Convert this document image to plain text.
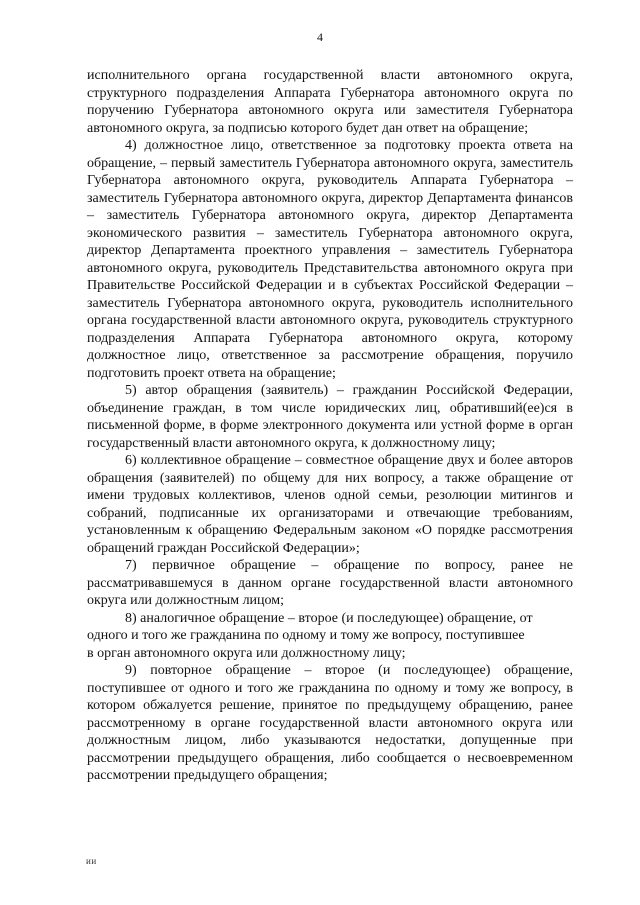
4

исполнительного органа государственной власти автономного округа, структурного подразделения Аппарата Губернатора автономного округа по поручению Губернатора автономного округа или заместителя Губернатора автономного округа, за подписью которого будет дан ответ на обращение;

4) должностное лицо, ответственное за подготовку проекта ответа на обращение, – первый заместитель Губернатора автономного округа, заместитель Губернатора автономного округа, руководитель Аппарата Губернатора – заместитель Губернатора автономного округа, директор Департамента финансов – заместитель Губернатора автономного округа, директор Департамента экономического развития – заместитель Губернатора автономного округа, директор Департамента проектного управления – заместитель Губернатора автономного округа, руководитель Представительства автономного округа при Правительстве Российской Федерации и в субъектах Российской Федерации – заместитель Губернатора автономного округа, руководитель исполнительного органа государственной власти автономного округа, руководитель структурного подразделения Аппарата Губернатора автономного округа, которому должностное лицо, ответственное за рассмотрение обращения, поручило подготовить проект ответа на обращение;

5) автор обращения (заявитель) – гражданин Российской Федерации, объединение граждан, в том числе юридических лиц, обративший(ее)ся в письменной форме, в форме электронного документа или устной форме в орган государственный власти автономного округа, к должностному лицу;

6) коллективное обращение – совместное обращение двух и более авторов обращения (заявителей) по общему для них вопросу, а также обращение от имени трудовых коллективов, членов одной семьи, резолюции митингов и собраний, подписанные их организаторами и отвечающие требованиям, установленным к обращению Федеральным законом «О порядке рассмотрения обращений граждан Российской Федерации»;

7) первичное обращение – обращение по вопросу, ранее не рассматривавшемуся в данном органе государственной власти автономного округа или должностным лицом;

8) аналогичное обращение – второе (и последующее) обращение, от одного и того же гражданина по одному и тому же вопросу, поступившее

в орган автономного округа или должностному лицу;

9) повторное обращение – второе (и последующее) обращение, поступившее от одного и того же гражданина по одному и тому же вопросу, в котором обжалуется решение, принятое по предыдущему обращению, ранее рассмотренному в органе государственной власти автономного округа или должностным лицом, либо указываются недостатки, допущенные при рассмотрении предыдущего обращения, либо сообщается о несвоевременном рассмотрении предыдущего обращения;

ии
